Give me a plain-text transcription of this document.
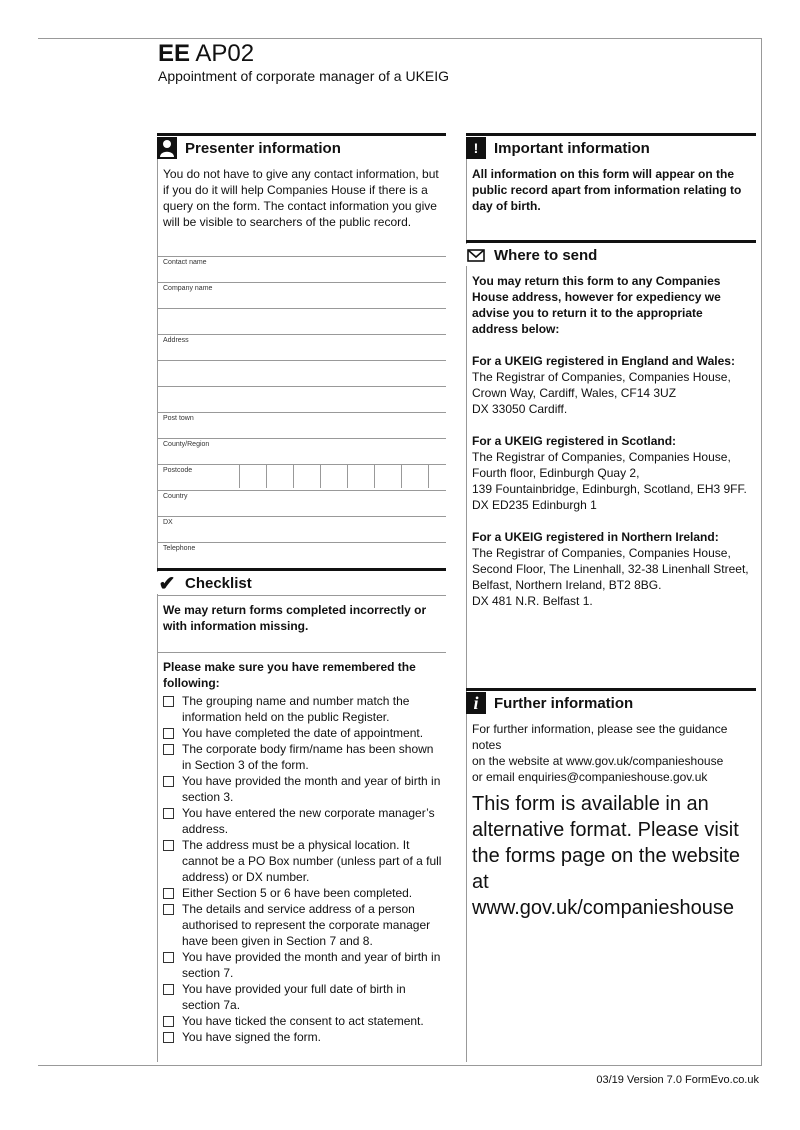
EE AP02
Appointment of corporate manager of a UKEIG
Presenter information
You do not have to give any contact information, but if you do it will help Companies House if there is a query on the form. The contact information you give will be visible to searchers of the public record.
Contact name
Company name
Address
Post town
County/Region
Postcode
Country
DX
Telephone
✔ Checklist
We may return forms completed incorrectly or with information missing.
Please make sure you have remembered the following:
The grouping name and number match the information held on the public Register.
You have completed the date of appointment.
The corporate body firm/name has been shown in Section 3 of the form.
You have provided the month and year of birth in section 3.
You have entered the new corporate manager’s address.
The address must be a physical location. It cannot be a PO Box number (unless part of a full address) or DX number.
Either Section 5 or 6 have been completed.
The details and service address of a person authorised to represent the corporate manager have been given in Section 7 and 8.
You have provided the month and year of birth in section 7.
You have provided your full date of birth in section 7a.
You have ticked the consent to act statement.
You have signed the form.
!	Important information
All information on this form will appear on the public record apart from information relating to day of birth.
Where to send
You may return this form to any Companies House address, however for expediency we advise you to return it to the appropriate address below:
For a UKEIG registered in England and Wales:
The Registrar of Companies, Companies House,
Crown Way, Cardiff, Wales, CF14 3UZ
DX 33050 Cardiff.
For a UKEIG registered in Scotland:
The Registrar of Companies, Companies House,
Fourth floor, Edinburgh Quay 2,
139 Fountainbridge, Edinburgh, Scotland, EH3 9FF.
DX ED235 Edinburgh 1
For a UKEIG registered in Northern Ireland:
The Registrar of Companies, Companies House,
Second Floor, The Linenhall, 32-38 Linenhall Street,
Belfast, Northern Ireland, BT2 8BG.
DX 481 N.R. Belfast 1.
i	Further information
For further information, please see the guidance notes
on the website at www.gov.uk/companieshouse
or email enquiries@companieshouse.gov.uk
This form is available in an alternative format. Please visit the forms page on the website at www.gov.uk/companieshouse
03/19 Version 7.0 FormEvo.co.uk
